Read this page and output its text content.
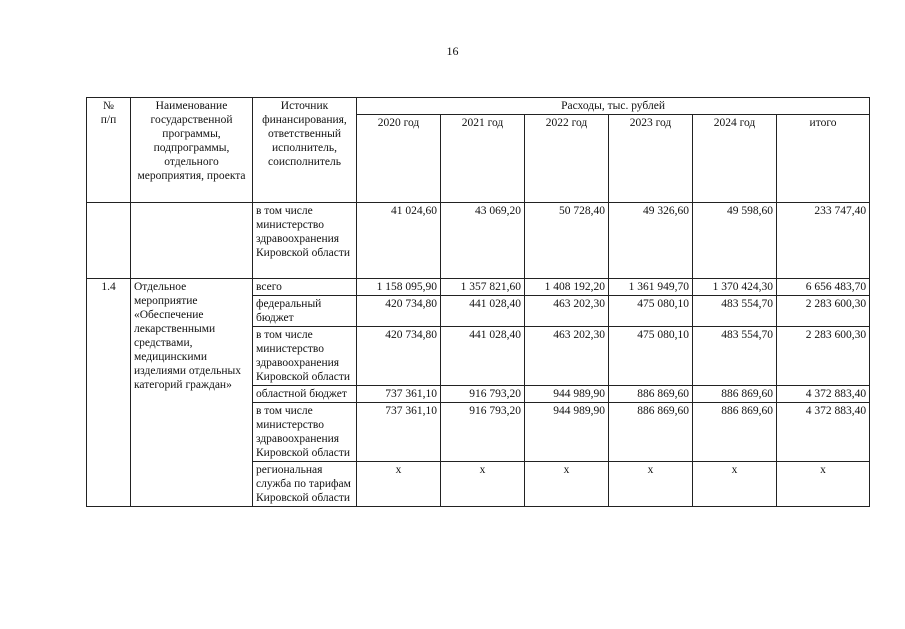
16
№
п/п	Наименование государственной программы, подпрограммы, отдельного мероприятия, проекта	Источник финансирования, ответственный исполнитель, соисполнитель	Расходы, тыс. рублей					
			2020 год	2021 год	2022 год	2023 год	2024 год	итого
		в том числе министерство здравоохранения Кировской области	41 024,60	43 069,20	50 728,40	49 326,60	49 598,60	233 747,40
1.4	Отдельное мероприятие «Обеспечение лекарственными средствами, медицинскими изделиями отдельных категорий граждан»	всего	1 158 095,90	1 357 821,60	1 408 192,20	1 361 949,70	1 370 424,30	6 656 483,70
		федеральный бюджет	420 734,80	441 028,40	463 202,30	475 080,10	483 554,70	2 283 600,30
		в том числе министерство здравоохранения Кировской области	420 734,80	441 028,40	463 202,30	475 080,10	483 554,70	2 283 600,30
		областной бюджет	737 361,10	916 793,20	944 989,90	886 869,60	886 869,60	4 372 883,40
		в том числе министерство здравоохранения Кировской области	737 361,10	916 793,20	944 989,90	886 869,60	886 869,60	4 372 883,40
		региональная служба по тарифам Кировской области	х	х	х	х	х	х
